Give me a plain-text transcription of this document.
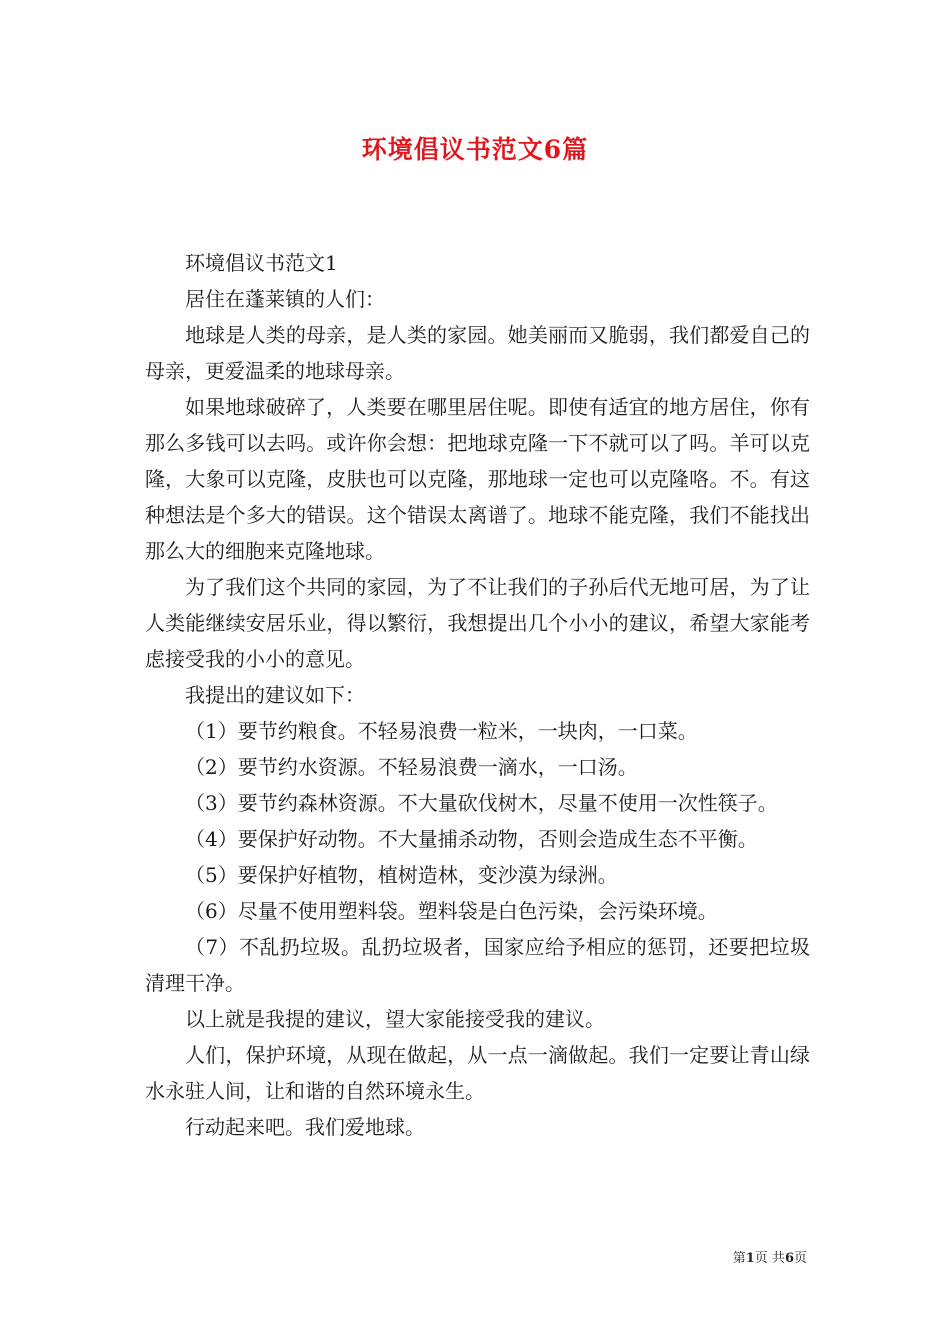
环境倡议书范文6篇

环境倡议书范文1

居住在蓬莱镇的人们：

地球是人类的母亲，是人类的家园。她美丽而又脆弱，我们都爱自己的母亲，更爱温柔的地球母亲。

如果地球破碎了，人类要在哪里居住呢。即使有适宜的地方居住，你有那么多钱可以去吗。或许你会想：把地球克隆一下不就可以了吗。羊可以克隆，大象可以克隆，皮肤也可以克隆，那地球一定也可以克隆咯。不。有这种想法是个多大的错误。这个错误太离谱了。地球不能克隆，我们不能找出那么大的细胞来克隆地球。

为了我们这个共同的家园，为了不让我们的子孙后代无地可居，为了让人类能继续安居乐业，得以繁衍，我想提出几个小小的建议，希望大家能考虑接受我的小小的意见。

我提出的建议如下：

（1）要节约粮食。不轻易浪费一粒米，一块肉，一口菜。

（2）要节约水资源。不轻易浪费一滴水，一口汤。

（3）要节约森林资源。不大量砍伐树木，尽量不使用一次性筷子。

（4）要保护好动物。不大量捕杀动物，否则会造成生态不平衡。

（5）要保护好植物，植树造林，变沙漠为绿洲。

（6）尽量不使用塑料袋。塑料袋是白色污染，会污染环境。

（7）不乱扔垃圾。乱扔垃圾者，国家应给予相应的惩罚，还要把垃圾清理干净。

以上就是我提的建议，望大家能接受我的建议。

人们，保护环境，从现在做起，从一点一滴做起。我们一定要让青山绿水永驻人间，让和谐的自然环境永生。

行动起来吧。我们爱地球。

第1页 共6页
